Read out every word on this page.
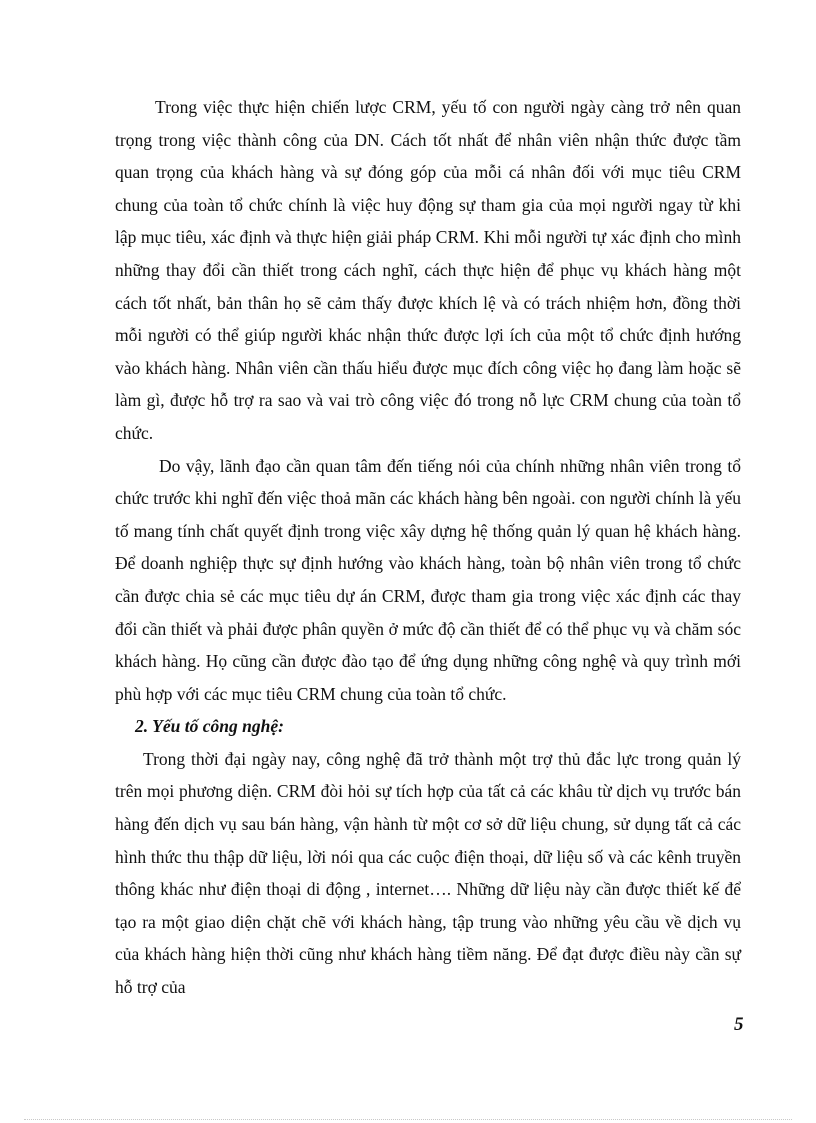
Trong việc thực hiện chiến lược CRM, yếu tố con người ngày càng trở nên quan trọng trong việc thành công của DN. Cách tốt nhất để nhân viên nhận thức được tầm quan trọng của khách hàng và sự đóng góp của mỗi cá nhân đối với mục tiêu CRM chung của toàn tổ chức chính là việc huy động sự tham gia của mọi người ngay từ khi lập mục tiêu, xác định và thực hiện giải pháp CRM. Khi mỗi người tự xác định cho mình những thay đổi cần thiết trong cách nghĩ, cách thực hiện để phục vụ khách hàng một cách tốt nhất, bản thân họ sẽ cảm thấy được khích lệ và có trách nhiệm hơn, đồng thời mỗi người có thể giúp người khác nhận thức được lợi ích của một tổ chức định hướng vào khách hàng. Nhân viên cần thấu hiểu được mục đích công việc họ đang làm hoặc sẽ làm gì, được hỗ trợ ra sao và vai trò công việc đó trong nỗ lực CRM chung của toàn tổ chức.

Do vậy, lãnh đạo cần quan tâm đến tiếng nói của chính những nhân viên trong tổ chức trước khi nghĩ đến việc thoả mãn các khách hàng bên ngoài. con người chính là yếu tố mang tính chất quyết định trong việc xây dựng hệ thống quản lý quan hệ khách hàng. Để doanh nghiệp thực sự định hướng vào khách hàng, toàn bộ nhân viên trong tổ chức cần được chia sẻ các mục tiêu dự án CRM, được tham gia trong việc xác định các thay đổi cần thiết và phải được phân quyền ở mức độ cần thiết để có thể phục vụ và chăm sóc khách hàng. Họ cũng cần được đào tạo để ứng dụng những công nghệ và quy trình mới phù hợp với các mục tiêu CRM chung của toàn tổ chức.

2. Yếu tố công nghệ:

Trong thời đại ngày nay, công nghệ đã trở thành một trợ thủ đắc lực trong quản lý trên mọi phương diện. CRM đòi hỏi sự tích hợp của tất cả các khâu từ dịch vụ trước bán hàng đến dịch vụ sau bán hàng, vận hành từ một cơ sở dữ liệu chung, sử dụng tất cả các hình thức thu thập dữ liệu, lời nói qua các cuộc điện thoại, dữ liệu số và các kênh truyền thông khác như điện thoại di động , internet…. Những dữ liệu này cần được thiết kế để tạo ra một giao diện chặt chẽ với khách hàng, tập trung vào những yêu cầu về dịch vụ của khách hàng hiện thời cũng như khách hàng tiềm năng. Để đạt được điều này cần sự hỗ trợ của

5
